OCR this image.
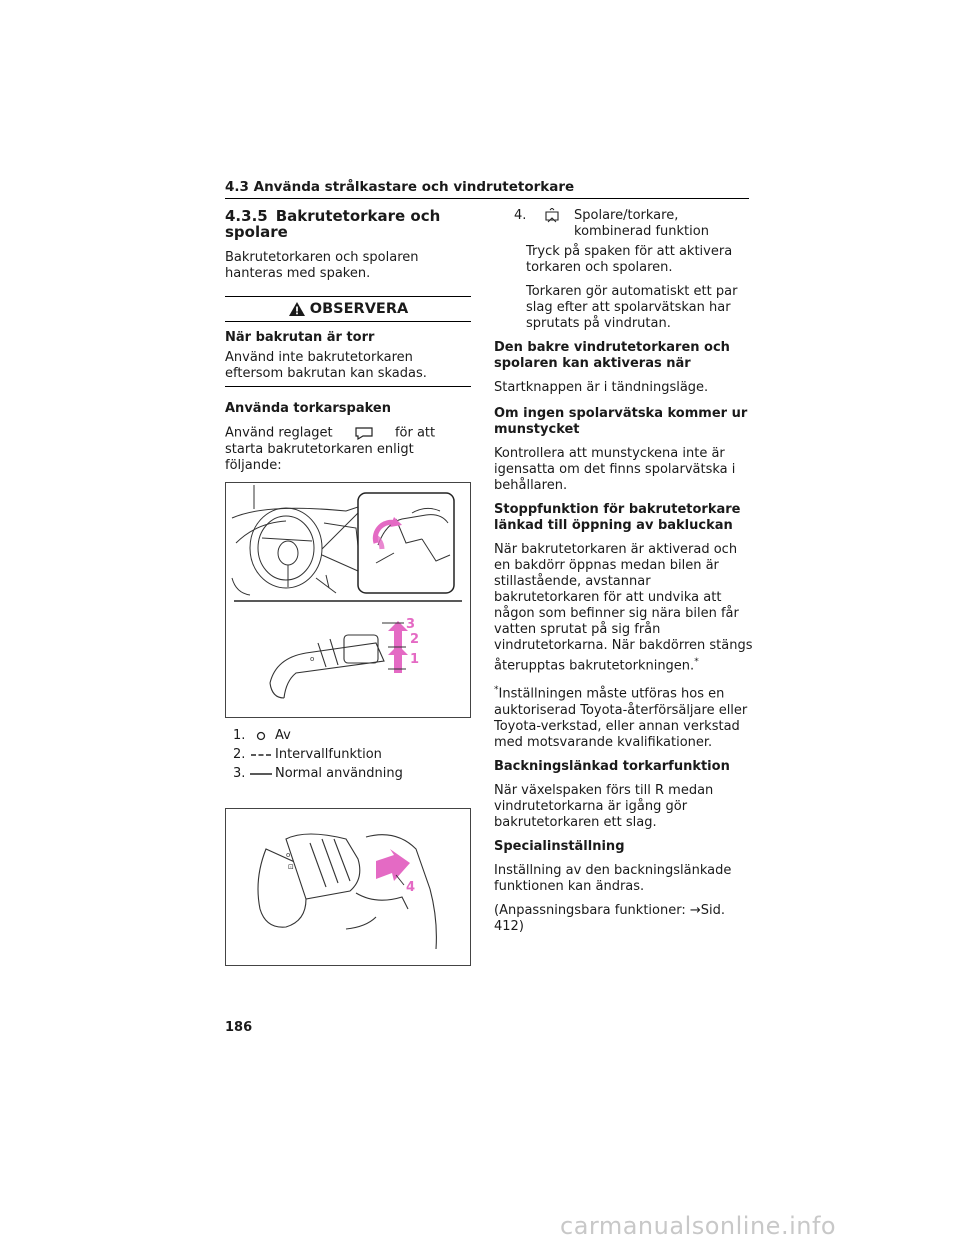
4.3 Använda strålkastare och vindrutetorkare
4.3.5 Bakrutetorkare och spolare

Bakrutetorkaren och spolaren hanteras med spaken.

OBSERVERA
När bakrutan är torr
Använd inte bakrutetorkaren eftersom bakrutan kan skadas.

Använda torkarspaken

Använd reglaget	för att starta bakrutetorkaren enligt följande:

o
3
2
1
1. Av
2. Intervallfunktion
3. Normal användning
o
⊡
4
4.	Spolare/torkare, kombinerad funktion

Tryck på spaken för att aktivera torkaren och spolaren.

Torkaren gör automatiskt ett par slag efter att spolarvätskan har sprutats på vindrutan.

Den bakre vindrutetorkaren och spolaren kan aktiveras när

Startknappen är i tändningsläge.

Om ingen spolarvätska kommer ur munstycket

Kontrollera att munstyckena inte är igensatta om det finns spolarvätska i behållaren.

Stoppfunktion för bakrutetorkare länkad till öppning av bakluckan

När bakrutetorkaren är aktiverad och en bakdörr öppnas medan bilen är stillastående, avstannar bakrutetorkaren för att undvika att någon som befinner sig nära bilen får vatten sprutat på sig från vindrutetorkarna. När bakdörren stängs återupptas bakrutetorkningen.*

*Inställningen måste utföras hos en auktoriserad Toyota-återförsäljare eller Toyota-verkstad, eller annan verkstad med motsvarande kvalifikationer.

Backningslänkad torkarfunktion

När växelspaken förs till R medan vindrutetorkarna är igång gör bakrutetorkaren ett slag.

Specialinställning

Inställning av den backningslänkade funktionen kan ändras.

(Anpassningsbara funktioner: →Sid. 412)

186
carmanualsonline.info
